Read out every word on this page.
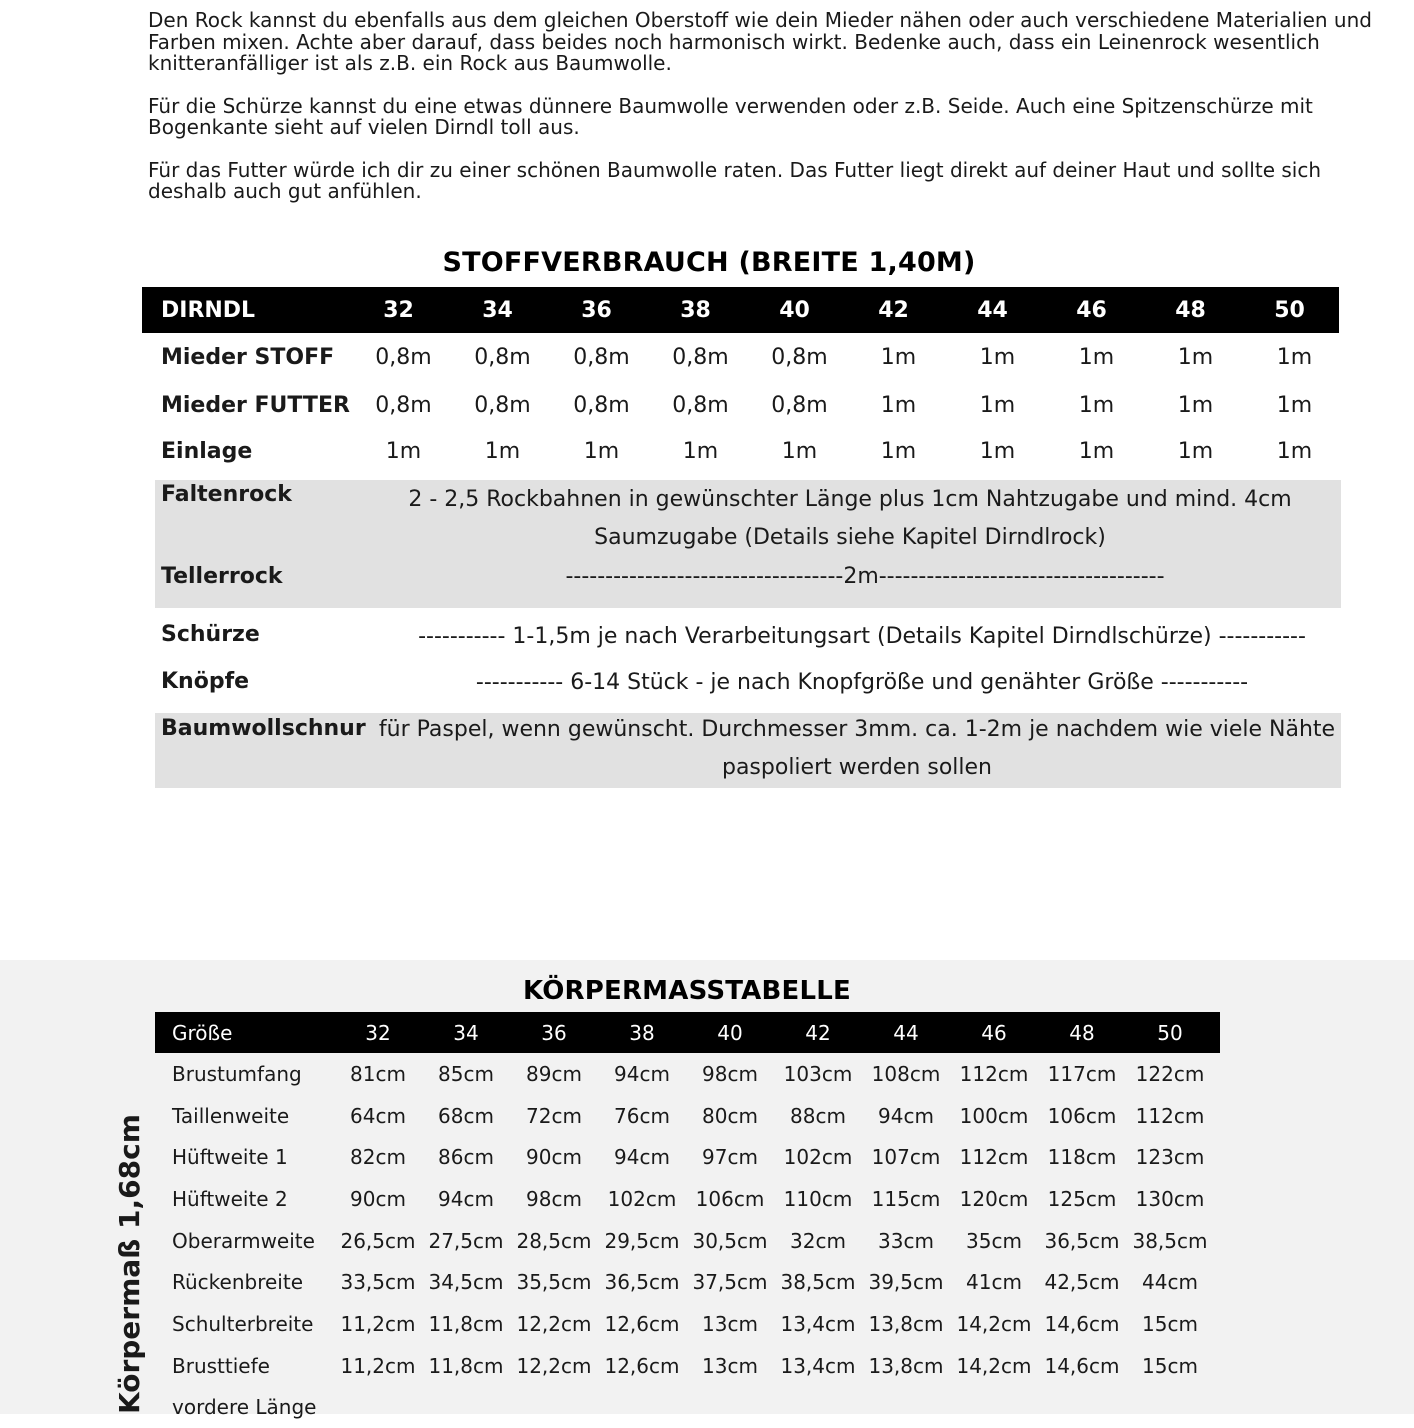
Den Rock kannst du ebenfalls aus dem gleichen Oberstoff wie dein Mieder nähen oder auch verschiedene Materialien und Farben mixen. Achte aber darauf, dass beides noch harmonisch wirkt. Bedenke auch, dass ein Leinenrock wesentlich knitteranfälliger ist als z.B. ein Rock aus Baumwolle.

Für die Schürze kannst du eine etwas dünnere Baumwolle verwenden oder z.B. Seide. Auch eine Spitzenschürze mit Bogenkante sieht auf vielen Dirndl toll aus.

Für das Futter würde ich dir zu einer schönen Baumwolle raten. Das Futter liegt direkt auf deiner Haut und sollte sich deshalb auch gut anfühlen.

STOFFVERBRAUCH (BREITE 1,40M)
DIRNDL	32	34	36	38	40	42	44	46	48	50
Mieder STOFF	0,8m	0,8m	0,8m	0,8m	0,8m	1m	1m	1m	1m	1m
Mieder FUTTER	0,8m	0,8m	0,8m	0,8m	0,8m	1m	1m	1m	1m	1m
Einlage	1m	1m	1m	1m	1m	1m	1m	1m	1m	1m
Faltenrock	2 - 2,5 Rockbahnen in gewünschter Länge plus 1cm Nahtzugabe und mind. 4cm Saumzugabe (Details siehe Kapitel Dirndlrock)
Tellerrock	-----------------------------------2m------------------------------------
Schürze	----------- 1-1,5m je nach Verarbeitungsart (Details Kapitel Dirndlschürze) -----------
Knöpfe	----------- 6-14 Stück - je nach Knopfgröße und genähter Größe -----------
Baumwollschnur für Paspel, wenn gewünscht. Durchmesser 3mm. ca. 1-2m je nachdem wie viele Nähte paspoliert werden sollen
KÖRPERMASSTABELLE
Körpermaß 1,68cm
Größe	32	34	36	38	40	42	44	46	48	50
Brustumfang	81cm 85cm 89cm 94cm 98cm 103cm 108cm 112cm 117cm 122cm
Taillenweite	64cm 68cm 72cm 76cm 80cm 88cm 94cm 100cm 106cm 112cm
Hüftweite 1	82cm 86cm 90cm 94cm 97cm 102cm 107cm 112cm 118cm 123cm
Hüftweite 2	90cm 94cm 98cm 102cm 106cm 110cm 115cm 120cm 125cm 130cm
Oberarmweite	26,5cm 27,5cm 28,5cm 29,5cm 30,5cm 32cm 33cm 35cm 36,5cm 38,5cm
Rückenbreite	33,5cm 34,5cm 35,5cm 36,5cm 37,5cm 38,5cm 39,5cm 41cm 42,5cm 44cm
Schulterbreite	11,2cm 11,8cm 12,2cm 12,6cm 13cm 13,4cm 13,8cm 14,2cm 14,6cm 15cm
Brusttiefe	11,2cm 11,8cm 12,2cm 12,6cm 13cm 13,4cm 13,8cm 14,2cm 14,6cm 15cm
vordere Länge
